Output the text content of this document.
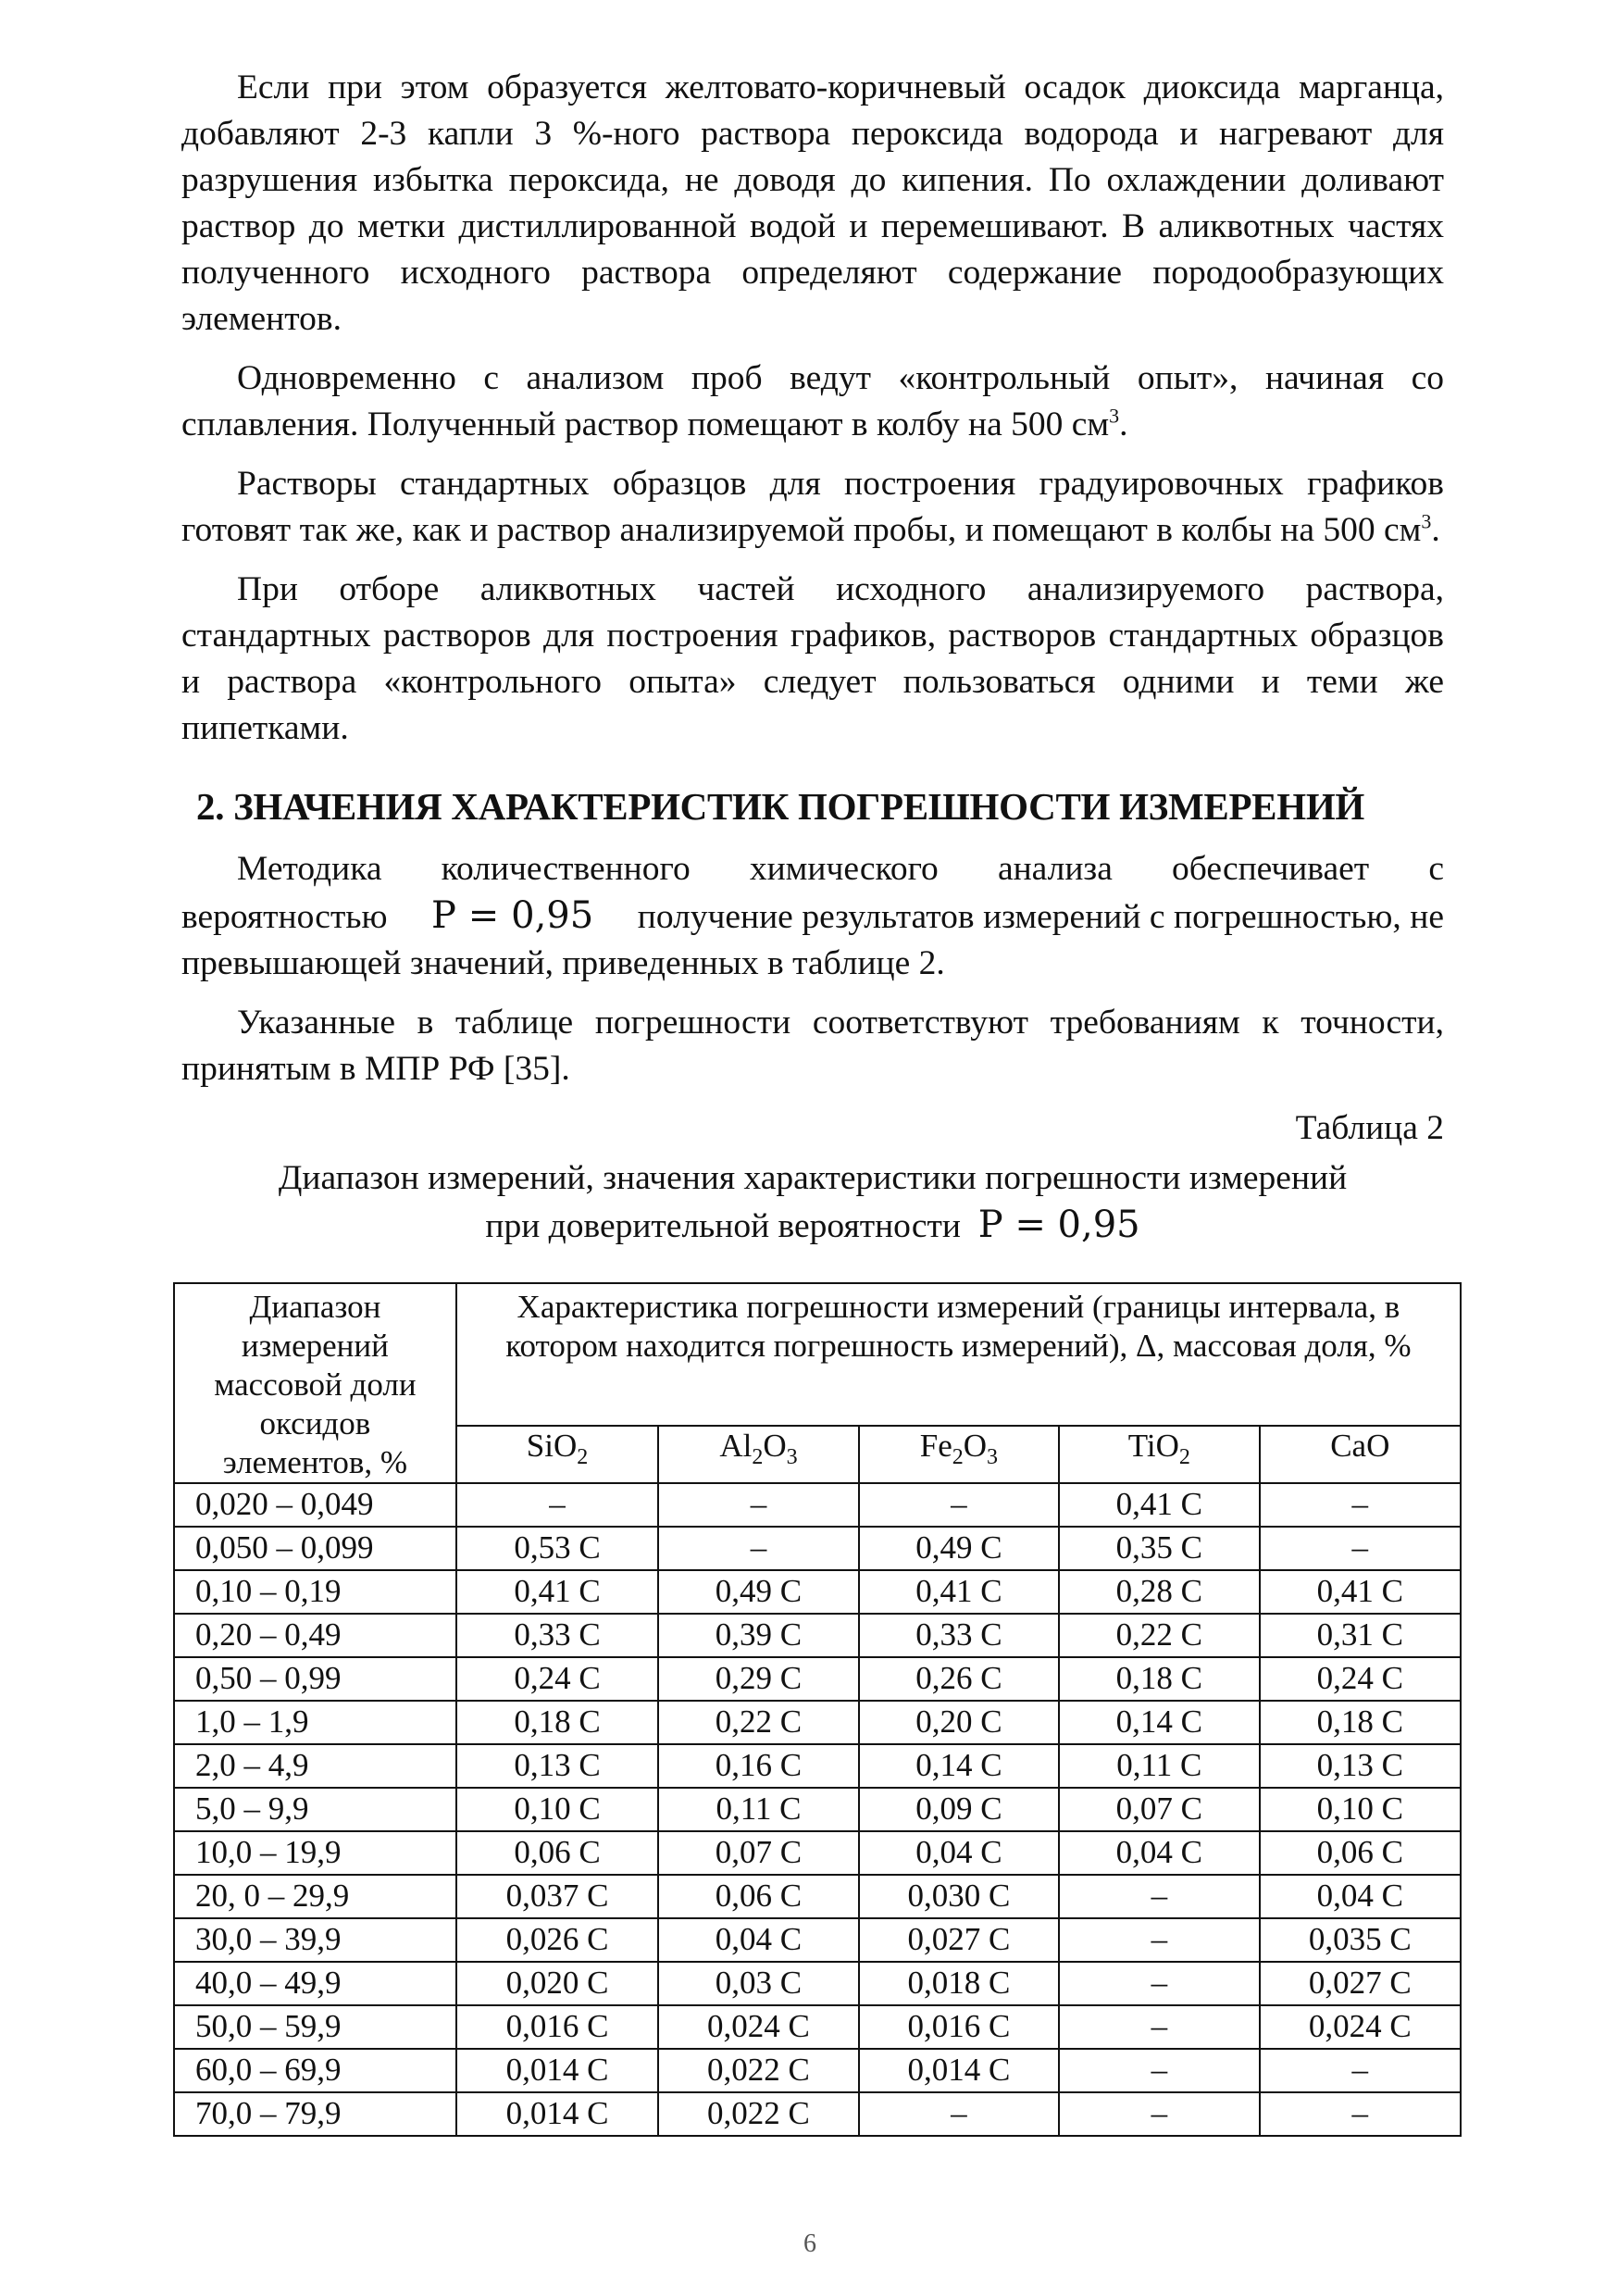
Если при этом образуется желтовато-коричневый осадок диоксида марганца, добавляют 2-3 капли 3 %-ного раствора пероксида водорода и нагревают для разрушения избытка пероксида, не доводя до кипения. По охлаждении доливают раствор до метки дистиллированной водой и перемешивают. В аликвотных частях полученного исходного раствора определяют содержание породообразующих элементов.

Одновременно с анализом проб ведут «контрольный опыт», начиная со сплавления. Полученный раствор помещают в колбу на 500 $см^3$.

Растворы стандартных образцов для построения градуировочных графиков готовят так же, как и раствор анализируемой пробы, и помещают в колбы на 500 $см^3$.

При отборе аликвотных частей исходного анализируемого раствора, стандартных растворов для построения графиков, растворов стандартных образцов и раствора «контрольного опыта» следует пользоваться одними и теми же пипетками.

2. ЗНАЧЕНИЯ ХАРАКТЕРИСТИК ПОГРЕШНОСТИ ИЗМЕРЕНИЙ

Методика количественного химического анализа обеспечивает с вероятностью P = 0,95 получение результатов измерений с погрешностью, не превышающей значений, приведенных в таблице 2.

Указанные в таблице погрешности соответствуют требованиям к точности, принятым в МПР РФ [35].

Таблица 2
Диапазон измерений, значения характеристики погрешности измерений
при доверительной вероятности P = 0,95
Диапазон измерений массовой доли оксидов элементов, %	Характеристика погрешности измерений (границы интервала, в котором находится погрешность измерений), Δ, массовая доля, %				
	SiO$_2$	$Al_2O_3$	$Fe_2O_3$	TiO$_2$	CaO
0,020 – 0,049	–	–	–	0,41 C	–
0,050 – 0,099	0,53 C	–	0,49 C	0,35 C	–
0,10 – 0,19	0,41 C	0,49 C	0,41 C	0,28 C	0,41 C
0,20 – 0,49	0,33 C	0,39 C	0,33 C	0,22 C	0,31 C
0,50 – 0,99	0,24 C	0,29 C	0,26 C	0,18 C	0,24 C
1,0 – 1,9	0,18 C	0,22 C	0,20 C	0,14 C	0,18 C
2,0 – 4,9	0,13 C	0,16 C	0,14 C	0,11 C	0,13 C
5,0 – 9,9	0,10 C	0,11 C	0,09 C	0,07 C	0,10 C
10,0 – 19,9	0,06 C	0,07 C	0,04 C	0,04 C	0,06 C
20, 0 – 29,9	0,037 C	0,06 C	0,030 C	–	0,04 C
30,0 – 39,9	0,026 C	0,04 C	0,027 C	–	0,035 C
40,0 – 49,9	0,020 C	0,03 C	0,018 C	–	0,027 C
50,0 – 59,9	0,016 C	0,024 C	0,016 C	–	0,024 C
60,0 – 69,9	0,014 C	0,022 C	0,014 C	–	–
70,0 – 79,9	0,014 C	0,022 C	–	–	–
6
